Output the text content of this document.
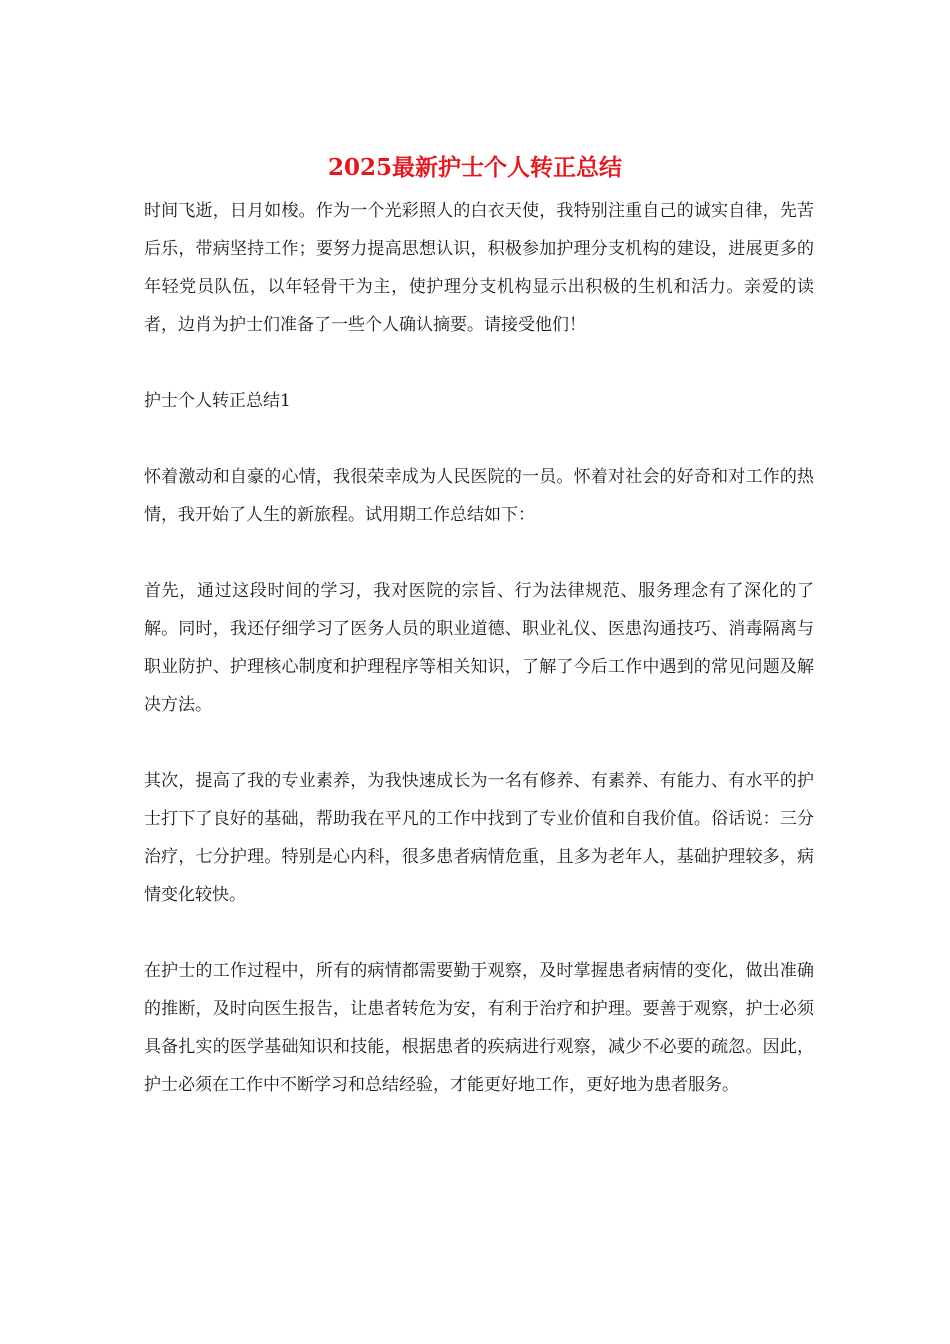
2025最新护士个人转正总结

时间飞逝，日月如梭。作为一个光彩照人的白衣天使，我特别注重自己的诚实自律，先苦后乐，带病坚持工作；要努力提高思想认识，积极参加护理分支机构的建设，进展更多的年轻党员队伍，以年轻骨干为主，使护理分支机构显示出积极的生机和活力。亲爱的读者，边肖为护士们准备了一些个人确认摘要。请接受他们！

护士个人转正总结1

怀着激动和自豪的心情，我很荣幸成为人民医院的一员。怀着对社会的好奇和对工作的热情，我开始了人生的新旅程。试用期工作总结如下：

首先，通过这段时间的学习，我对医院的宗旨、行为法律规范、服务理念有了深化的了解。同时，我还仔细学习了医务人员的职业道德、职业礼仪、医患沟通技巧、消毒隔离与职业防护、护理核心制度和护理程序等相关知识，了解了今后工作中遇到的常见问题及解决方法。

其次，提高了我的专业素养，为我快速成长为一名有修养、有素养、有能力、有水平的护士打下了良好的基础，帮助我在平凡的工作中找到了专业价值和自我价值。俗话说：三分治疗，七分护理。特别是心内科，很多患者病情危重，且多为老年人，基础护理较多，病情变化较快。

在护士的工作过程中，所有的病情都需要勤于观察，及时掌握患者病情的变化，做出准确的推断，及时向医生报告，让患者转危为安，有利于治疗和护理。要善于观察，护士必须具备扎实的医学基础知识和技能，根据患者的疾病进行观察，减少不必要的疏忽。因此，护士必须在工作中不断学习和总结经验，才能更好地工作，更好地为患者服务。
